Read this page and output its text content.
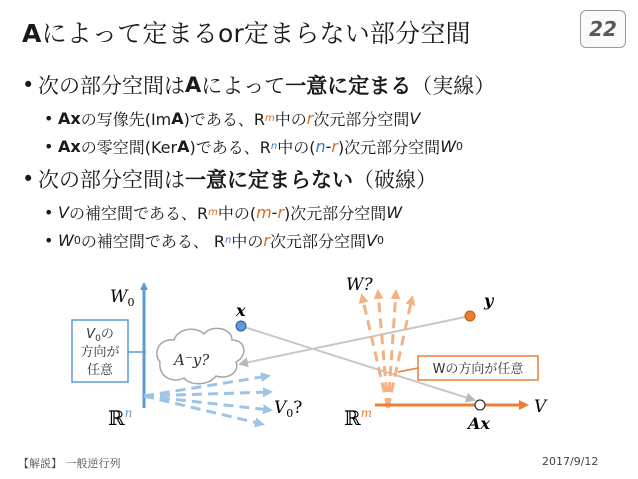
Aによって定まるor定まらない部分空間	22
• 次の部分空間は A によって 一意に定まる （実線）
• Ax の写像先(Im A )である、R m 中の r 次元部分空間 V
• Ax の零空間(Ker A )である、R n 中の( n - r )次元部分空間 W 0
• 次の部分空間は 一意に定まらない （破線）
• V の補空間である、R m 中の( m - r )次元部分空間 W
• W 0 の補空間である、 R n 中の r 次元部分空間 V 0
A⁻y?
x
$W_0$
$V_0$の
方向が
任意
ℝ$^n$	$V_0$?
W?
y
Wの方向が任意
Ax
V
ℝ$^m$
【解説】 一般逆行列	2017/9/12
